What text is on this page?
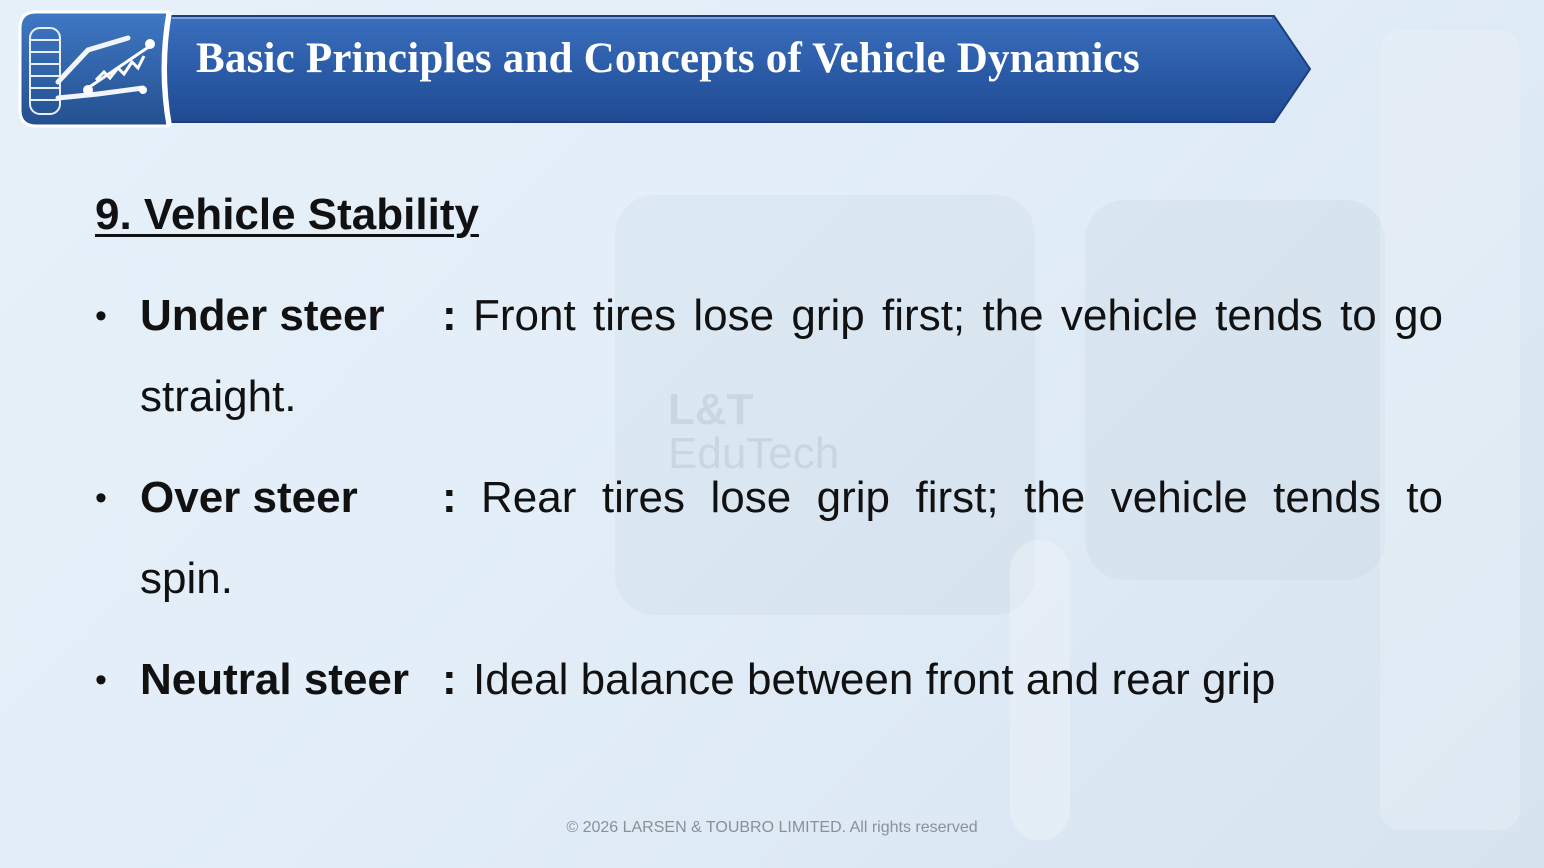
L&T
EduTech
Basic Principles and Concepts of Vehicle Dynamics
9. Vehicle Stability
• Under steer : Front tires lose grip first; the vehicle tends to go
straight.
• Over steer : Rear tires lose grip first; the vehicle tends to
spin.
• Neutral steer : Ideal balance between front and rear grip
© 2026 LARSEN & TOUBRO LIMITED. All rights reserved
